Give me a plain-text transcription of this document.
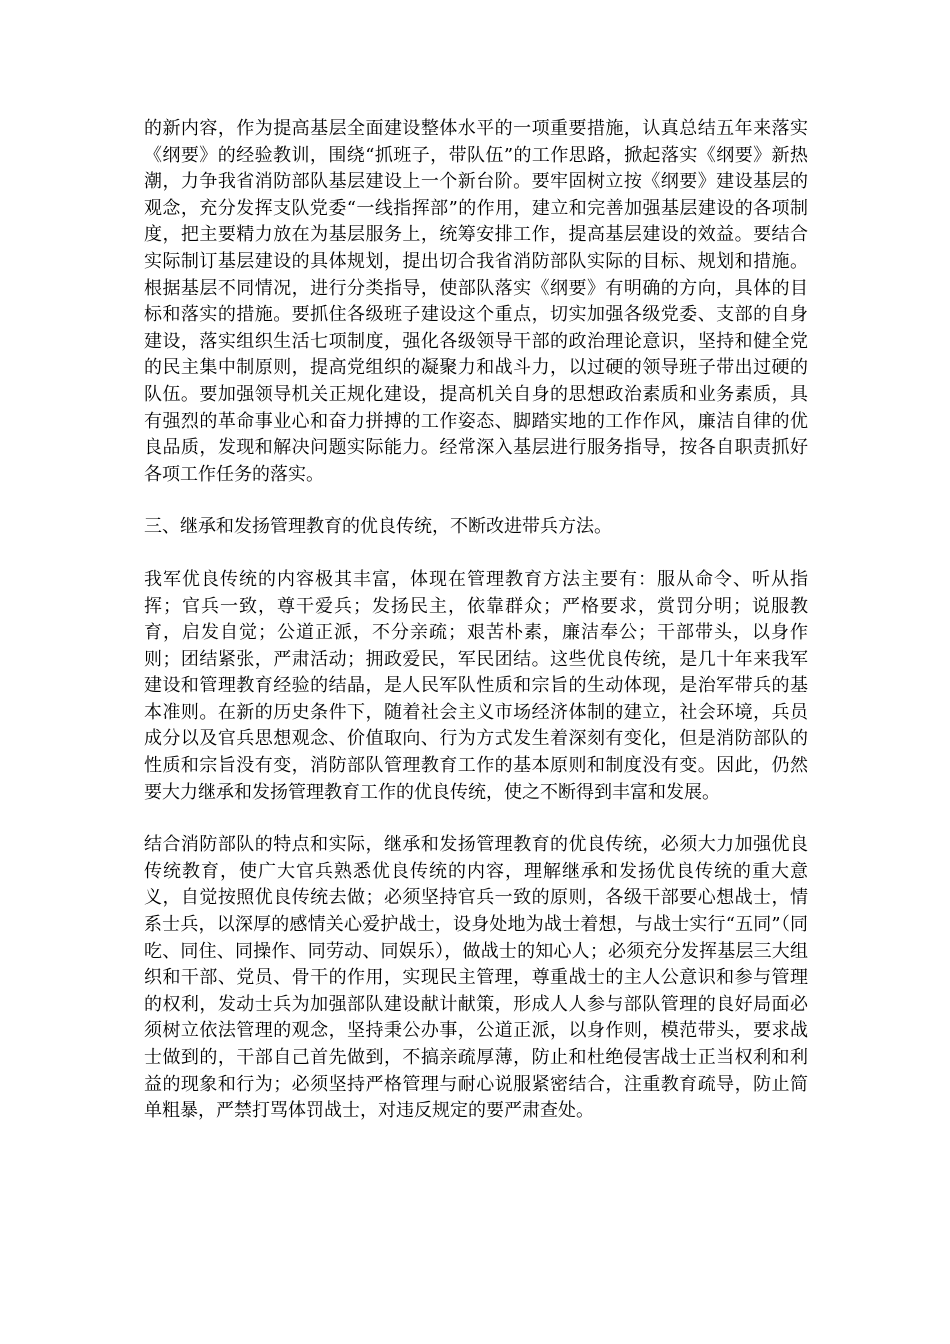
的新内容，作为提高基层全面建设整体水平的一项重要措施，认真总结五年来落实《纲要》的经验教训，围绕“抓班子，带队伍”的工作思路，掀起落实《纲要》新热潮，力争我省消防部队基层建设上一个新台阶。要牢固树立按《纲要》建设基层的观念，充分发挥支队党委“一线指挥部”的作用，建立和完善加强基层建设的各项制度，把主要精力放在为基层服务上，统筹安排工作，提高基层建设的效益。要结合实际制订基层建设的具体规划，提出切合我省消防部队实际的目标、规划和措施。根据基层不同情况，进行分类指导，使部队落实《纲要》有明确的方向，具体的目标和落实的措施。要抓住各级班子建设这个重点，切实加强各级党委、支部的自身建设，落实组织生活七项制度，强化各级领导干部的政治理论意识，坚持和健全党的民主集中制原则，提高党组织的凝聚力和战斗力，以过硬的领导班子带出过硬的队伍。要加强领导机关正规化建设，提高机关自身的思想政治素质和业务素质，具有强烈的革命事业心和奋力拼搏的工作姿态、脚踏实地的工作作风，廉洁自律的优良品质，发现和解决问题实际能力。经常深入基层进行服务指导，按各自职责抓好各项工作任务的落实。

三、继承和发扬管理教育的优良传统，不断改进带兵方法。

我军优良传统的内容极其丰富，体现在管理教育方法主要有：服从命令、听从指挥；官兵一致，尊干爱兵；发扬民主，依靠群众；严格要求，赏罚分明；说服教育，启发自觉；公道正派，不分亲疏；艰苦朴素，廉洁奉公；干部带头，以身作则；团结紧张，严肃活动；拥政爱民，军民团结。这些优良传统，是几十年来我军建设和管理教育经验的结晶，是人民军队性质和宗旨的生动体现，是治军带兵的基本准则。在新的历史条件下，随着社会主义市场经济体制的建立，社会环境，兵员成分以及官兵思想观念、价值取向、行为方式发生着深刻有变化，但是消防部队的性质和宗旨没有变，消防部队管理教育工作的基本原则和制度没有变。因此，仍然要大力继承和发扬管理教育工作的优良传统，使之不断得到丰富和发展。

结合消防部队的特点和实际，继承和发扬管理教育的优良传统，必须大力加强优良传统教育，使广大官兵熟悉优良传统的内容，理解继承和发扬优良传统的重大意义，自觉按照优良传统去做；必须坚持官兵一致的原则，各级干部要心想战士，情系士兵，以深厚的感情关心爱护战士，设身处地为战士着想，与战士实行“五同”（同吃、同住、同操作、同劳动、同娱乐），做战士的知心人；必须充分发挥基层三大组织和干部、党员、骨干的作用，实现民主管理，尊重战士的主人公意识和参与管理的权利，发动士兵为加强部队建设献计献策，形成人人参与部队管理的良好局面必须树立依法管理的观念，坚持秉公办事，公道正派，以身作则，模范带头，要求战士做到的，干部自己首先做到，不搞亲疏厚薄，防止和杜绝侵害战士正当权利和利益的现象和行为；必须坚持严格管理与耐心说服紧密结合，注重教育疏导，防止简单粗暴，严禁打骂体罚战士，对违反规定的要严肃查处。
